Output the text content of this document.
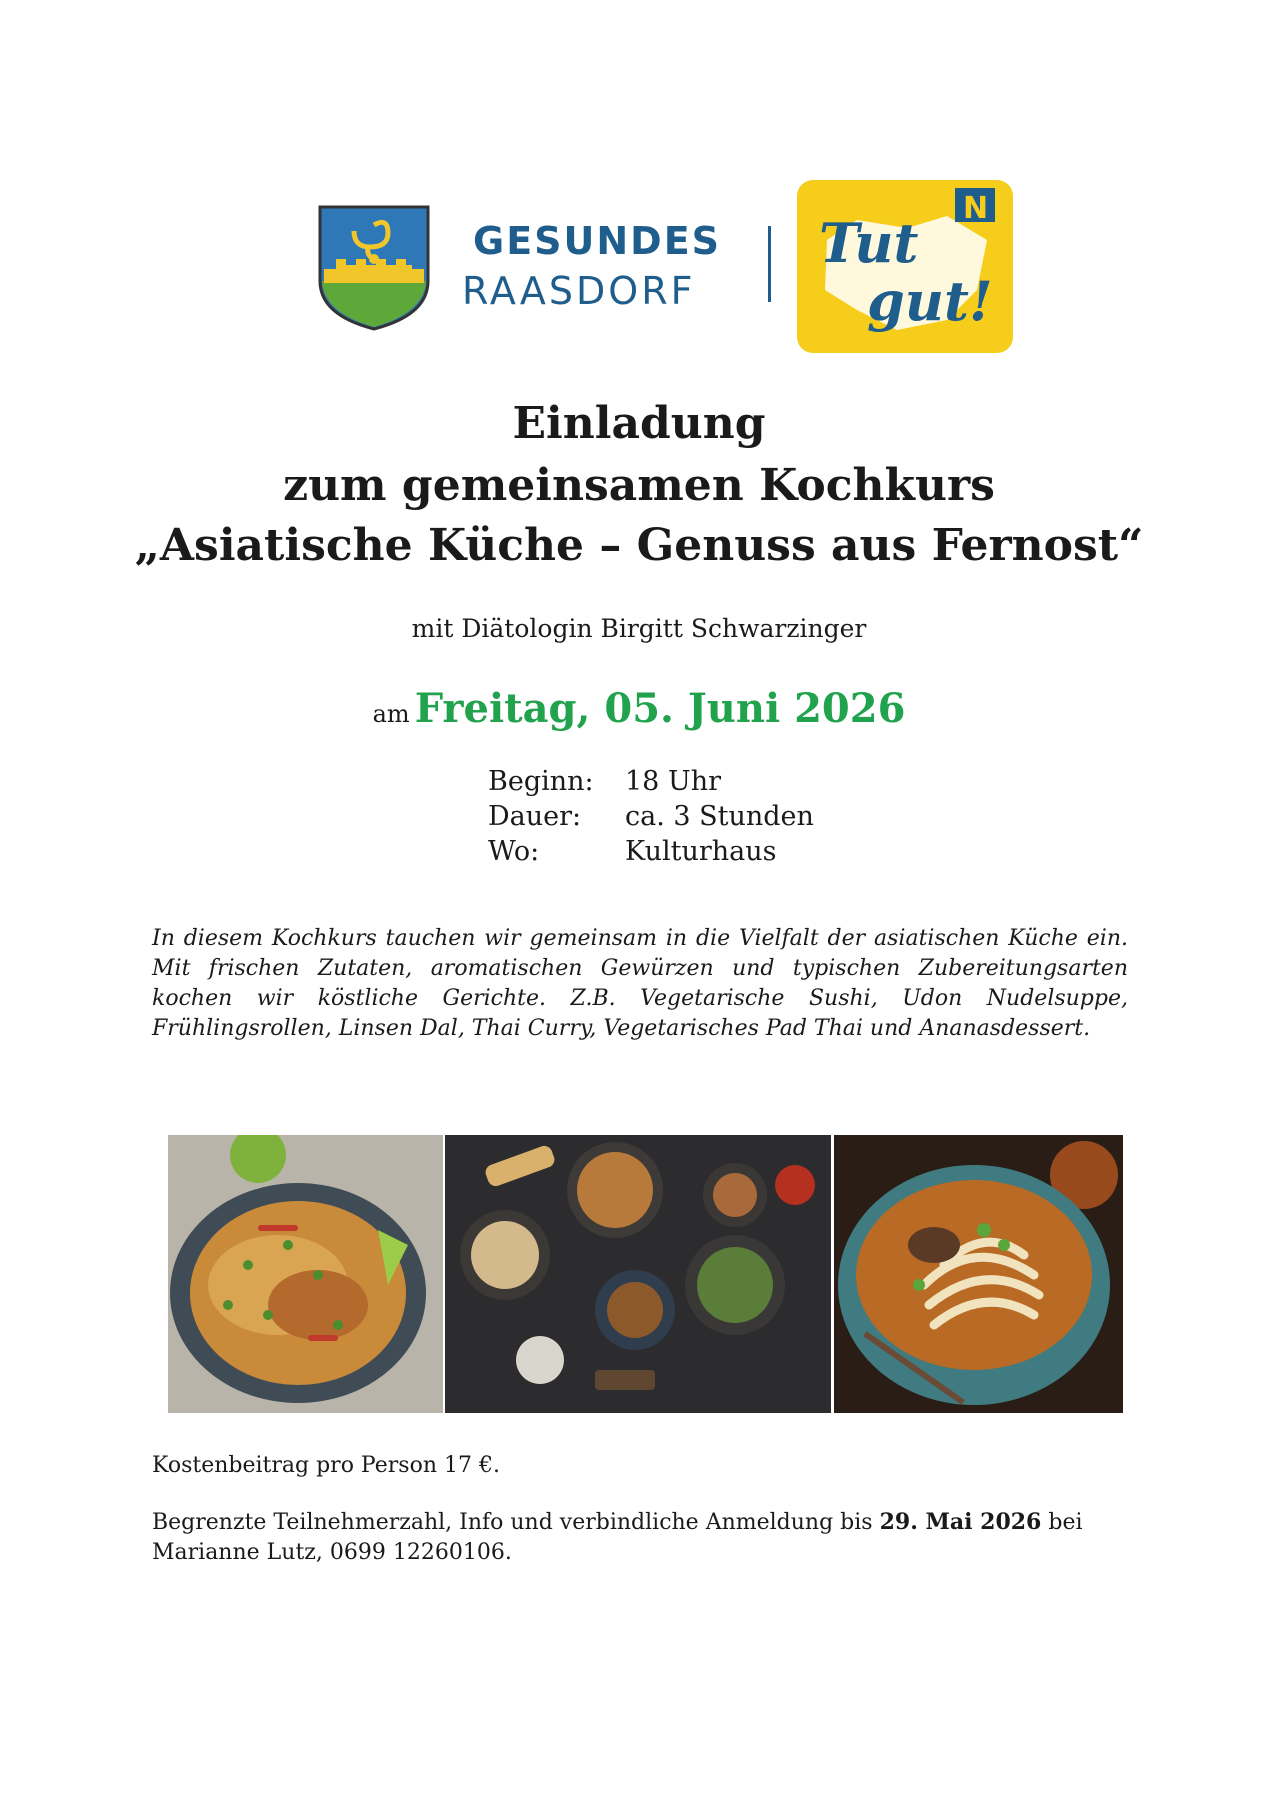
GESUNDES
RAASDORF
N
Tut
gut!
Einladung
zum gemeinsamen Kochkurs
„Asiatische Küche – Genuss aus Fernost“
mit Diätologin Birgitt Schwarzinger
am Freitag, 05. Juni 2026
Beginn: 18 Uhr
Dauer: ca. 3 Stunden
Wo:	Kulturhaus
In diesem Kochkurs tauchen wir gemeinsam in die Vielfalt der asiatischen Küche ein. Mit frischen Zutaten, aromatischen Gewürzen und typischen Zubereitungsarten kochen wir köstliche Gerichte. Z.B. Vegetarische Sushi, Udon Nudelsuppe, Frühlingsrollen, Linsen Dal, Thai Curry, Vegetarisches Pad Thai und Ananasdessert.
Kostenbeitrag pro Person 17 €.
Begrenzte Teilnehmerzahl, Info und verbindliche Anmeldung bis 29. Mai 2026 bei
Marianne Lutz, 0699 12260106.
